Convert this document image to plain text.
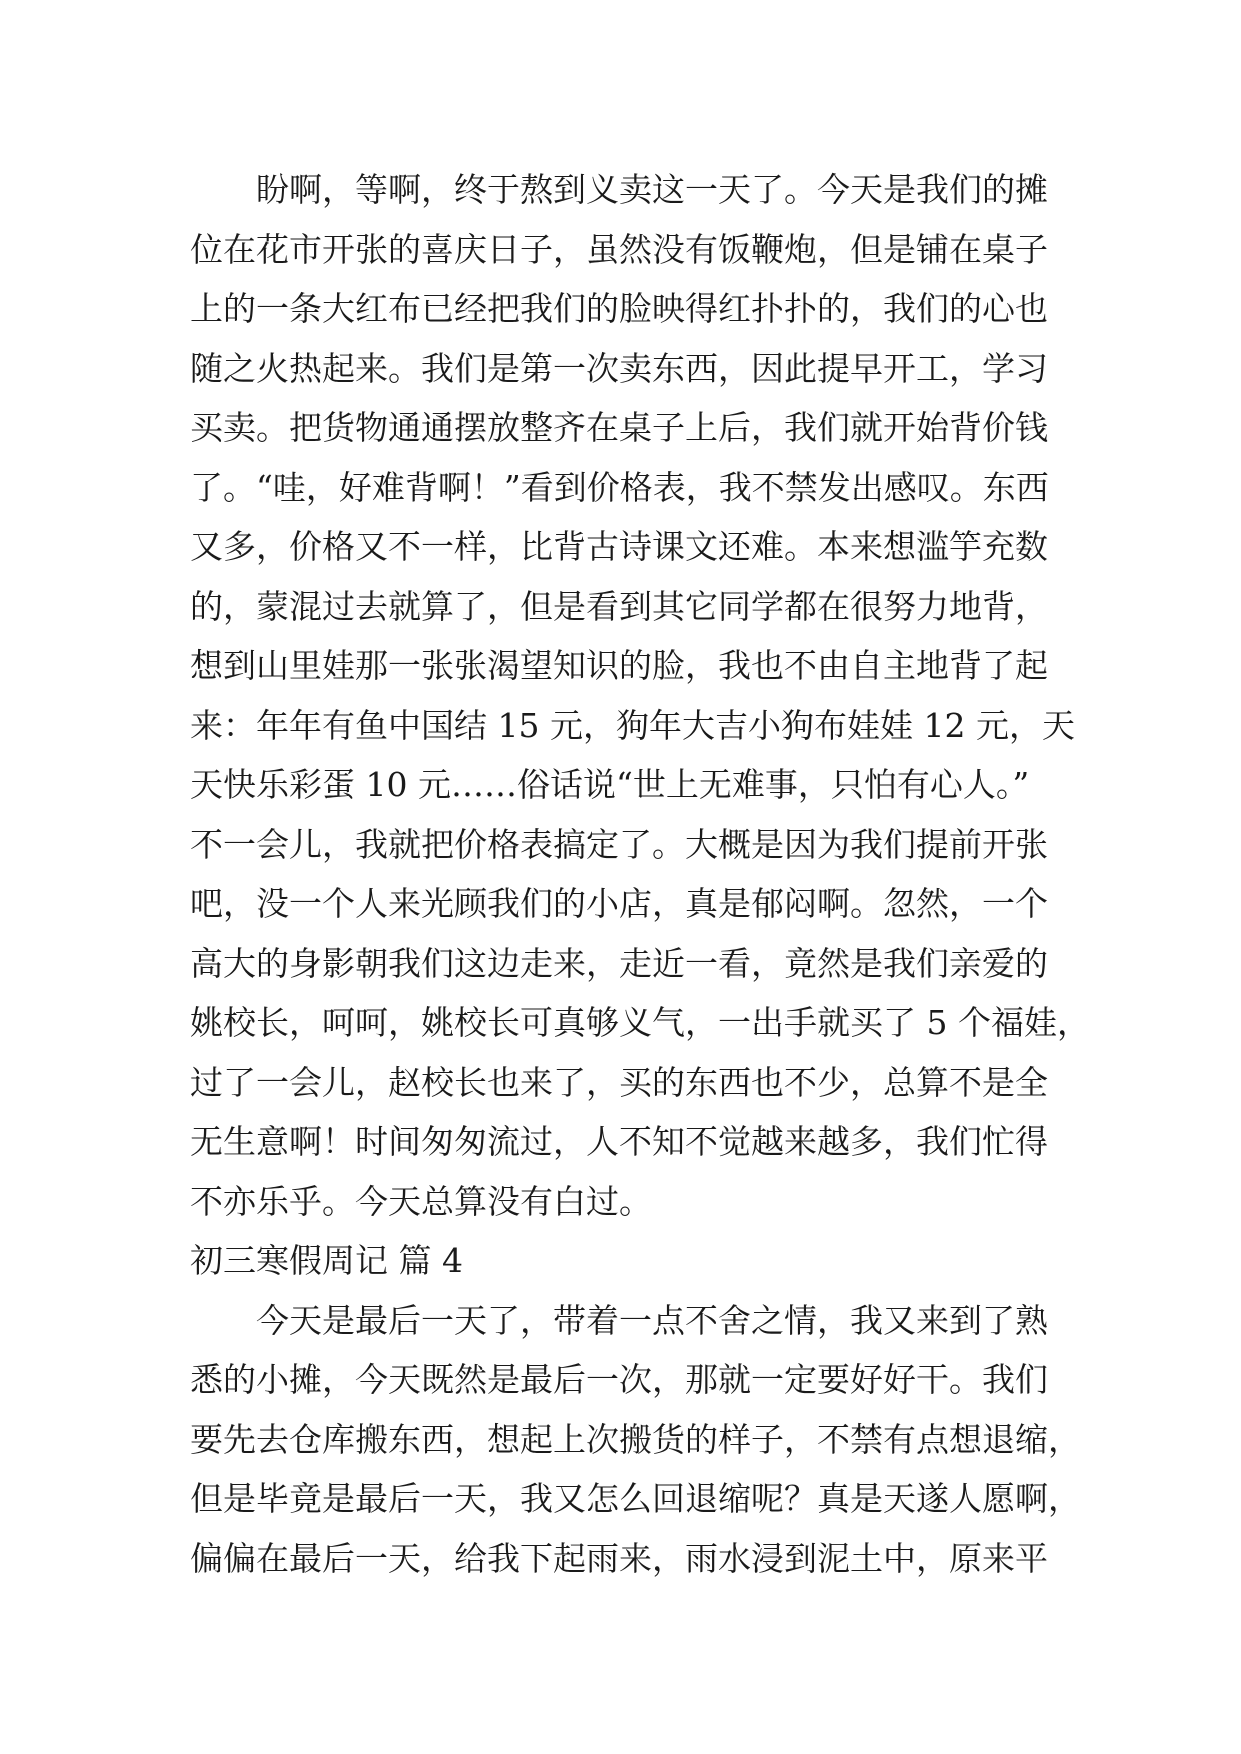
盼啊，等啊，终于熬到义卖这一天了。今天是我们的摊
位在花市开张的喜庆日子，虽然没有饭鞭炮，但是铺在桌子
上的一条大红布已经把我们的脸映得红扑扑的，我们的心也
随之火热起来。我们是第一次卖东西，因此提早开工，学习
买卖。把货物通通摆放整齐在桌子上后，我们就开始背价钱
了。“哇，好难背啊！”看到价格表，我不禁发出感叹。东西
又多，价格又不一样，比背古诗课文还难。本来想滥竽充数
的，蒙混过去就算了，但是看到其它同学都在很努力地背，
想到山里娃那一张张渴望知识的脸，我也不由自主地背了起
来：年年有鱼中国结 15 元，狗年大吉小狗布娃娃 12 元，天
天快乐彩蛋 10 元……俗话说“世上无难事，只怕有心人。”
不一会儿，我就把价格表搞定了。大概是因为我们提前开张
吧，没一个人来光顾我们的小店，真是郁闷啊。忽然，一个
高大的身影朝我们这边走来，走近一看，竟然是我们亲爱的
姚校长，呵呵，姚校长可真够义气，一出手就买了 5 个福娃，
过了一会儿，赵校长也来了，买的东西也不少，总算不是全
无生意啊！时间匆匆流过，人不知不觉越来越多，我们忙得
不亦乐乎。今天总算没有白过。
初三寒假周记 篇 4
今天是最后一天了，带着一点不舍之情，我又来到了熟
悉的小摊，今天既然是最后一次，那就一定要好好干。我们
要先去仓库搬东西，想起上次搬货的样子，不禁有点想退缩，
但是毕竟是最后一天，我又怎么回退缩呢？真是天遂人愿啊，
偏偏在最后一天，给我下起雨来，雨水浸到泥土中，原来平
